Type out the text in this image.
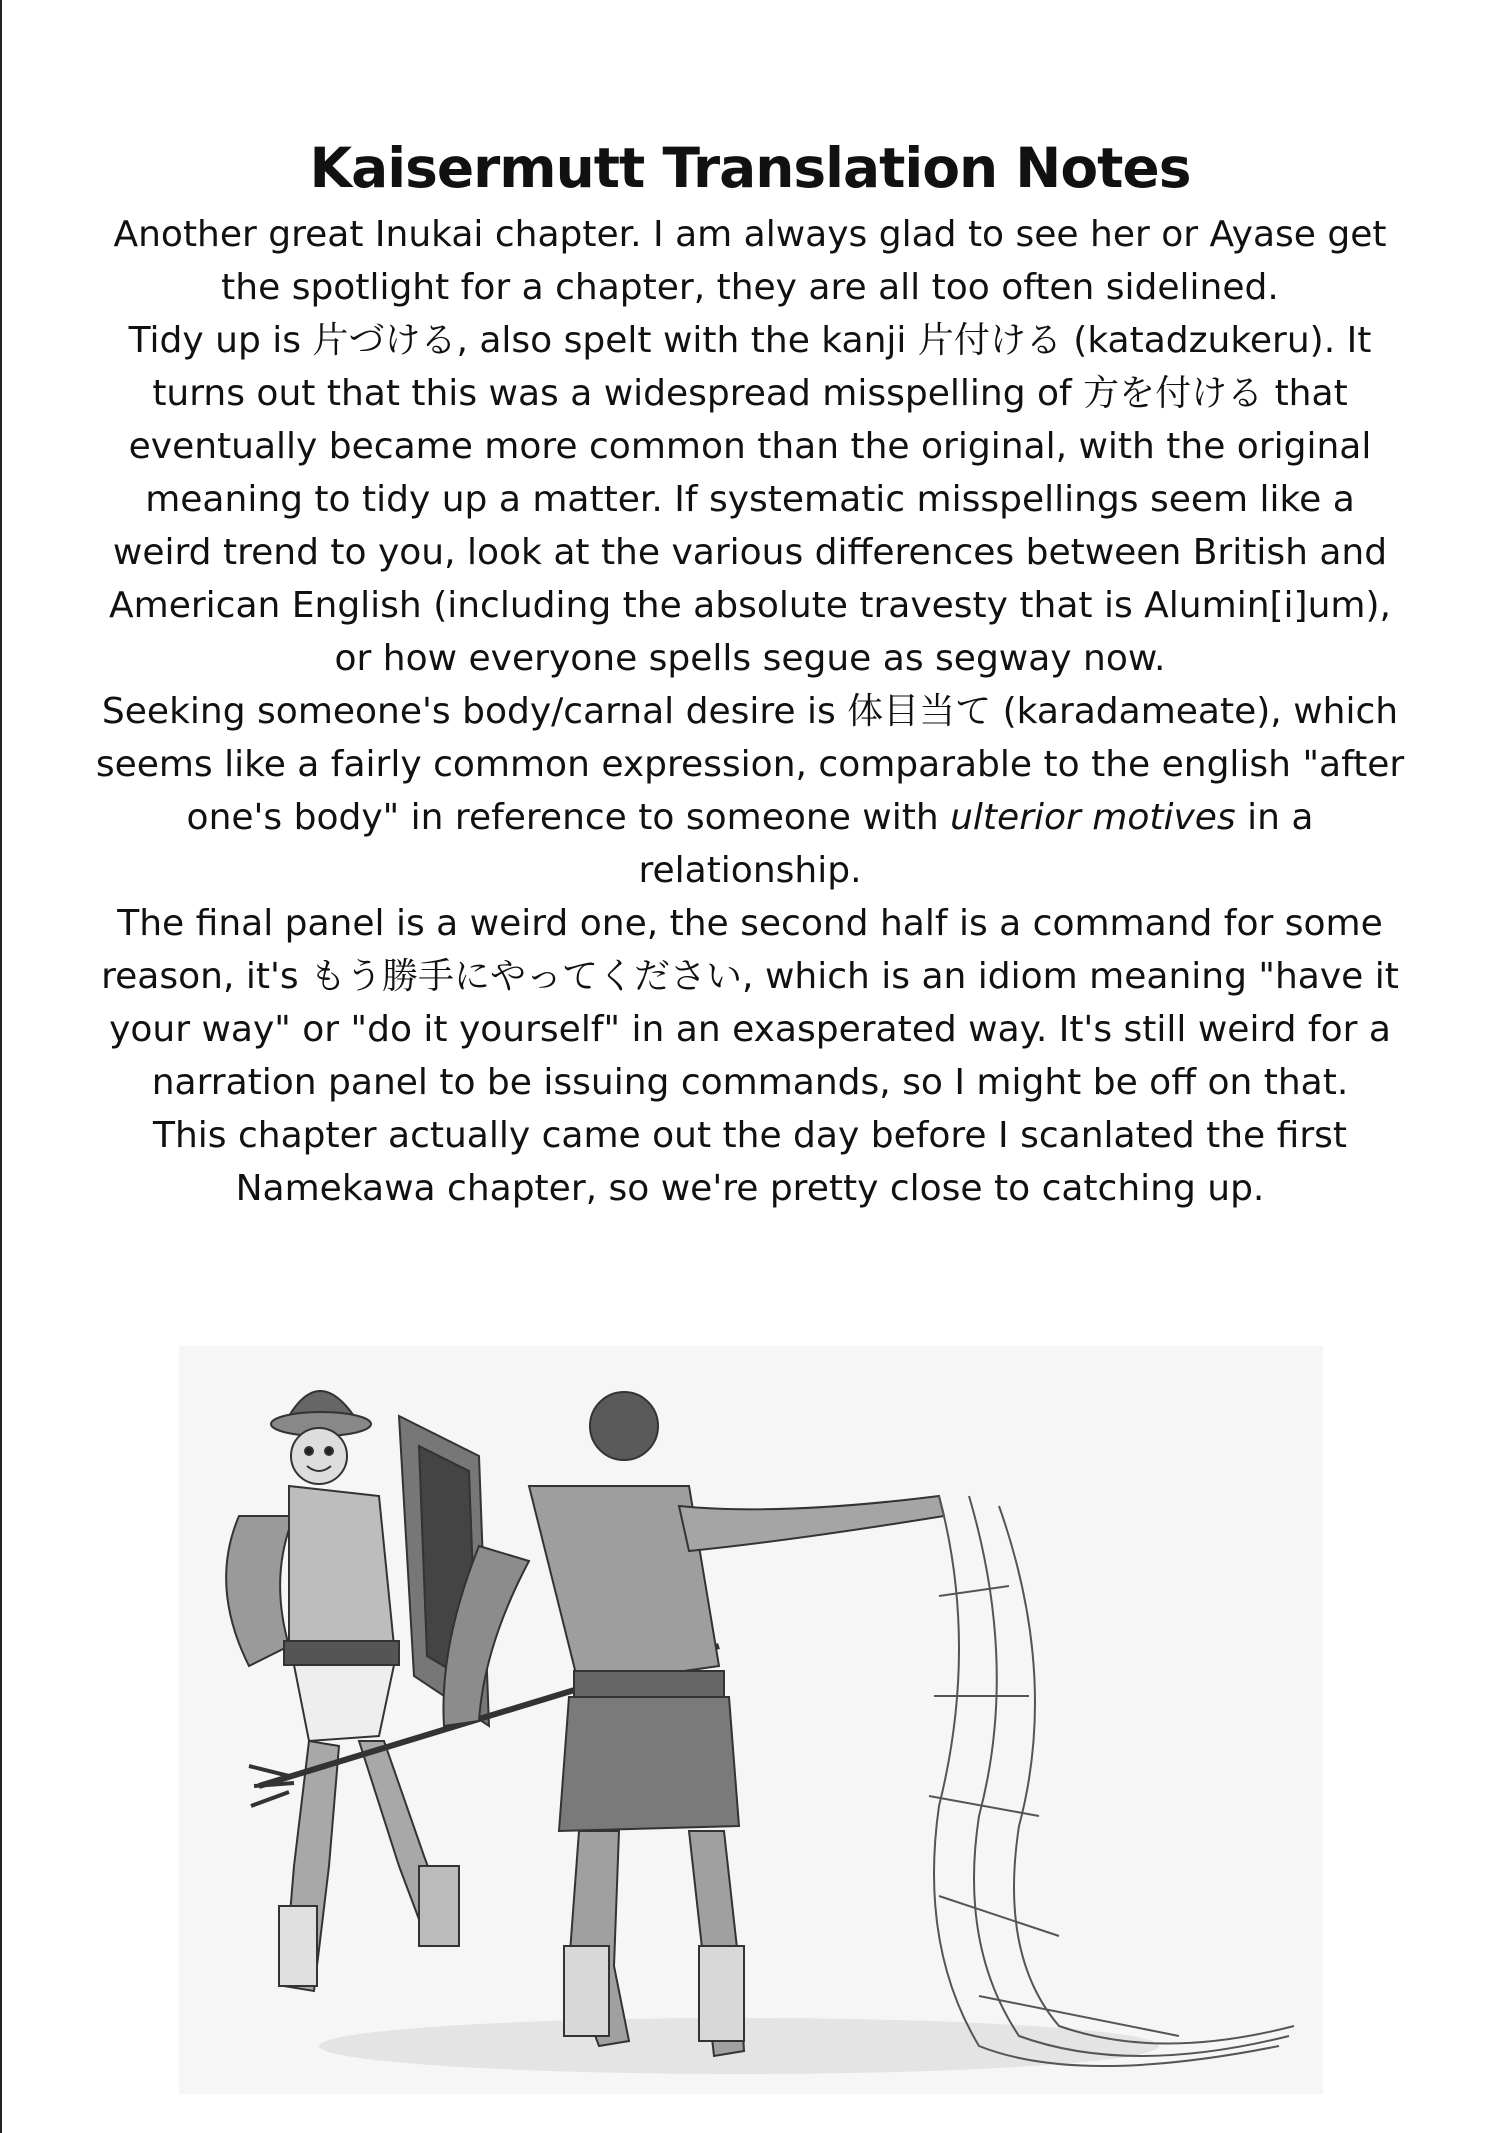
Kaisermutt Translation Notes

Another great Inukai chapter. I am always glad to see her or Ayase get the spotlight for a chapter, they are all too often sidelined.

Tidy up is 片づける, also spelt with the kanji 片付ける (katadzukeru). It turns out that this was a widespread misspelling of 方を付ける that eventually became more common than the original, with the original meaning to tidy up a matter. If systematic misspellings seem like a weird trend to you, look at the various differences between British and American English (including the absolute travesty that is Alumin[i]um), or how everyone spells segue as segway now.

Seeking someone's body/carnal desire is 体目当て (karadameate), which seems like a fairly common expression, comparable to the english "after one's body" in reference to someone with ulterior motives in a relationship.

The final panel is a weird one, the second half is a command for some reason, it's もう勝手にやってください, which is an idiom meaning "have it your way" or "do it yourself" in an exasperated way. It's still weird for a narration panel to be issuing commands, so I might be off on that.

This chapter actually came out the day before I scanlated the first Namekawa chapter, so we're pretty close to catching up.
